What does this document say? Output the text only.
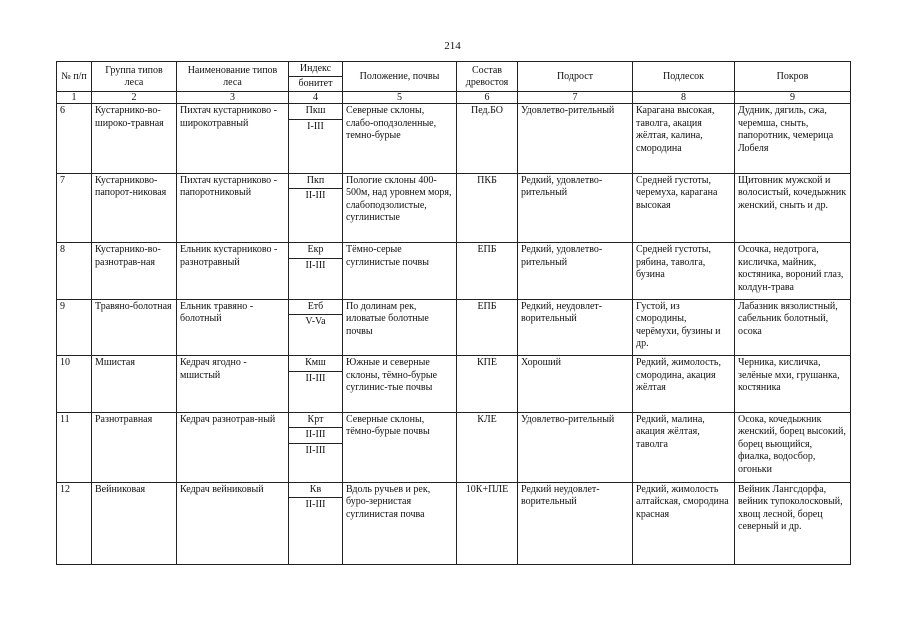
214
№ п/п	Группа типов леса	Наименование типов леса	Индекс	Положение, почвы	Состав древостоя	Подрост	Подлесок	Покров
			бонитет					
1	2	3	4	5	6	7	8	9
6	Кустарнико-во-широко-травная	Пихтач кустарниково - широкотравный	Пкш	Северные склоны, слабо-оподзоленные, темно-бурые	Пед.БО	Удовлетво-рительный	Карагана высокая, таволга, акация жёлтая, калина, смородина	Дудник, дягиль, сжа, черемша, сныть, папоротник, чемерица Лобеля
			I-III					
7	Кустарниково-папорот-никовая	Пихтач кустарниково - папоротниковый	Пкп	Пологие склоны 400-500м, над уровнем моря, слабоподзолистые, суглинистые	ПКБ	Редкий, удовлетво-рительный	Средней густоты, черемуха, карагана высокая	Щитовник мужской и волосистый, кочедыжник женский, сныть и др.
			II-III					
8	Кустарнико-во-разнотрав-ная	Ельник кустарниково - разнотравный	Екр	Тёмно-серые суглинистые почвы	ЕПБ	Редкий, удовлетво-рительный	Средней густоты, рябина, таволга, бузина	Осочка, недотрога, кисличка, майник, костяника, вороний глаз, колдун-трава
			II-III					
9	Травяно-болотная	Ельник травяно - болотный	Етб	По долинам рек, иловатые болотные почвы	ЕПБ	Редкий, неудовлет-ворительный	Густой, из смородины, черёмухи, бузины и др.	Лабазник вязолистный, сабельник болотный, осока
			V-Va					
10	Мшистая	Кедрач ягодно - мшистый	Кмш	Южные и северные склоны, тёмно-бурые суглинис-тые почвы	КПЕ	Хороший	Редкий, жимолость, смородина, акация жёлтая	Черника, кисличка, зелёные мхи, грушанка, костяника
			II-III					
11	Разнотравная	Кедрач разнотрав-ный	Крт	Северные склоны, тёмно-бурые почвы	КЛЕ	Удовлетво-рительный	Редкий, малина, акация жёлтая, таволга	Осока, кочедыжник женский, борец высокий, борец вьющийся, фиалка, водосбор, огоньки
			II-III					
			II-III					
12	Вейниковая	Кедрач вейниковый	Кв	Вдоль ручьев и рек, буро-зернистая суглинистая почва	10К+ПЛЕ	Редкий неудовлет-ворительный	Редкий, жимолость алтайская, смородина красная	Вейник Лангсдорфа, вейник тупоколосковый, хвощ лесной, борец северный и др.
			II-III					
